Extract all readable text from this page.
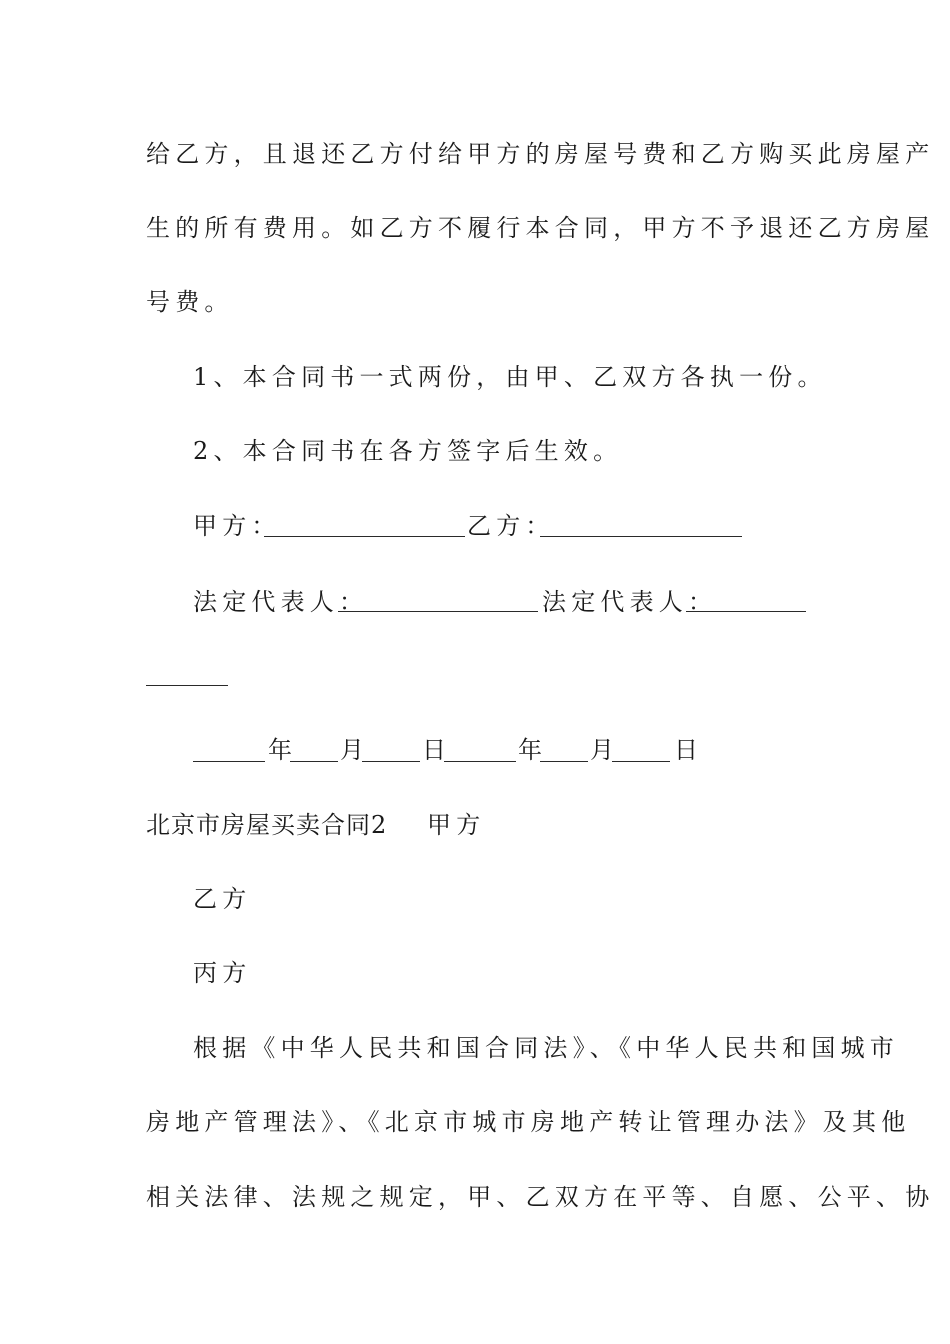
给乙方，且退还乙方付给甲方的房屋号费和乙方购买此房屋产
生的所有费用。如乙方不履行本合同，甲方不予退还乙方房屋
号费。
1、本合同书一式两份，由甲、乙双方各执一份。
2、本合同书在各方签字后生效。
甲方：	乙方：
法定代表人：	法定代表人：
年 月 日	年 月 日
北京市房屋买卖合同2 甲方
乙方
丙方
根据《中华人民共和国合同法》、《中华人民共和国城市
房地产管理法》、《北京市城市房地产转让管理办法》及其他
相关法律、法规之规定，甲、乙双方在平等、自愿、公平、协
